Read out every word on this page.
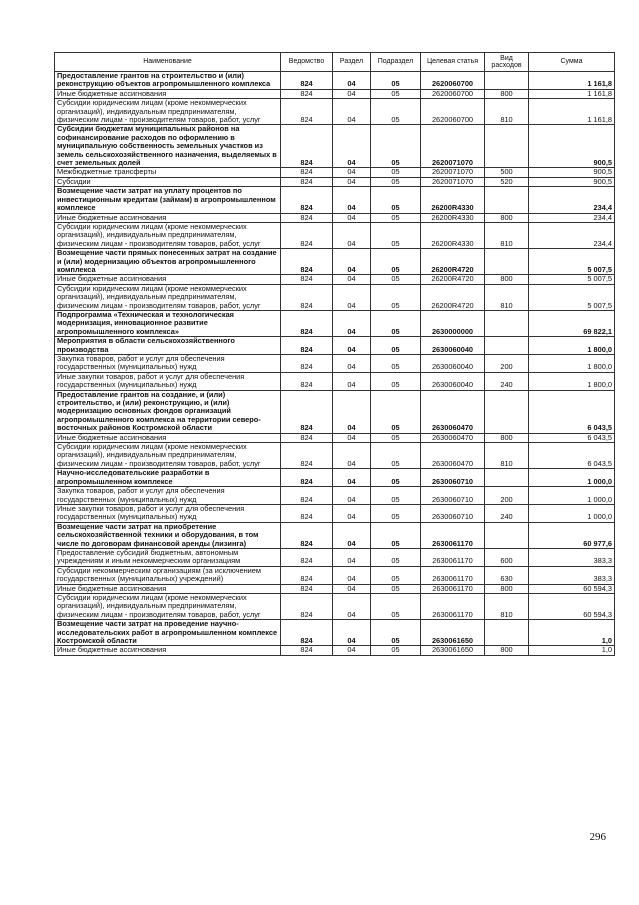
Наименование	Ведомство	Раздел	Подраздел	Целевая статья	Вид расходов	Сумма
Предоставление грантов на строительство и (или) реконструкцию объектов агропромышленного комплекса	824	04	05	2620060700		1 161,8
Иные бюджетные ассигнования	824	04	05	2620060700	800	1 161,8
Субсидии юридическим лицам (кроме некоммерческих организаций), индивидуальным предпринимателям, физическим лицам - производителям товаров, работ, услуг	824	04	05	2620060700	810	1 161,8
Субсидии бюджетам муниципальных районов на софинансирование расходов по оформлению в муниципальную собственность земельных участков из земель сельскохозяйственного назначения, выделяемых в счет земельных долей	824	04	05	2620071070		900,5
Межбюджетные трансферты	824	04	05	2620071070	500	900,5
Субсидии	824	04	05	2620071070	520	900,5
Возмещение части затрат на уплату процентов по инвестиционным кредитам (займам) в агропромышленном комплексе	824	04	05	26200R4330		234,4
Иные бюджетные ассигнования	824	04	05	26200R4330	800	234,4
Субсидии юридическим лицам (кроме некоммерческих организаций), индивидуальным предпринимателям, физическим лицам - производителям товаров, работ, услуг	824	04	05	26200R4330	810	234,4
Возмещение части прямых понесенных затрат на создание и (или) модернизацию объектов агропромышленного комплекса	824	04	05	26200R4720		5 007,5
Иные бюджетные ассигнования	824	04	05	26200R4720	800	5 007,5
Субсидии юридическим лицам (кроме некоммерческих организаций), индивидуальным предпринимателям, физическим лицам - производителям товаров, работ, услуг	824	04	05	26200R4720	810	5 007,5
Подпрограмма «Техническая и технологическая модернизация, инновационное развитие агропромышленного комплекса»	824	04	05	2630000000		69 822,1
Мероприятия в области сельскохозяйственного производства	824	04	05	2630060040		1 800,0
Закупка товаров, работ и услуг для обеспечения государственных (муниципальных) нужд	824	04	05	2630060040	200	1 800,0
Иные закупки товаров, работ и услуг для обеспечения государственных (муниципальных) нужд	824	04	05	2630060040	240	1 800,0
Предоставление грантов на создание, и (или) строительство, и (или) реконструкцию, и (или) модернизацию основных фондов организаций агропромышленного комплекса на территории северо-восточных районов Костромской области	824	04	05	2630060470		6 043,5
Иные бюджетные ассигнования	824	04	05	2630060470	800	6 043,5
Субсидии юридическим лицам (кроме некоммерческих организаций), индивидуальным предпринимателям, физическим лицам - производителям товаров, работ, услуг	824	04	05	2630060470	810	6 043,5
Научно-исследовательские разработки в агропромышленном комплексе	824	04	05	2630060710		1 000,0
Закупка товаров, работ и услуг для обеспечения государственных (муниципальных) нужд	824	04	05	2630060710	200	1 000,0
Иные закупки товаров, работ и услуг для обеспечения государственных (муниципальных) нужд	824	04	05	2630060710	240	1 000,0
Возмещение части затрат на приобретение сельскохозяйственной техники и оборудования, в том числе по договорам финансовой аренды (лизинга)	824	04	05	2630061170		60 977,6
Предоставление субсидий бюджетным, автономным учреждениям и иным некоммерческим организациям	824	04	05	2630061170	600	383,3
Субсидии некоммерческим организациям (за исключением государственных (муниципальных) учреждений)	824	04	05	2630061170	630	383,3
Иные бюджетные ассигнования	824	04	05	2630061170	800	60 594,3
Субсидии юридическим лицам (кроме некоммерческих организаций), индивидуальным предпринимателям, физическим лицам - производителям товаров, работ, услуг	824	04	05	2630061170	810	60 594,3
Возмещение части затрат на проведение научно-исследовательских работ в агропромышленном комплексе Костромской области	824	04	05	2630061650		1,0
Иные бюджетные ассигнования	824	04	05	2630061650	800	1,0
296
